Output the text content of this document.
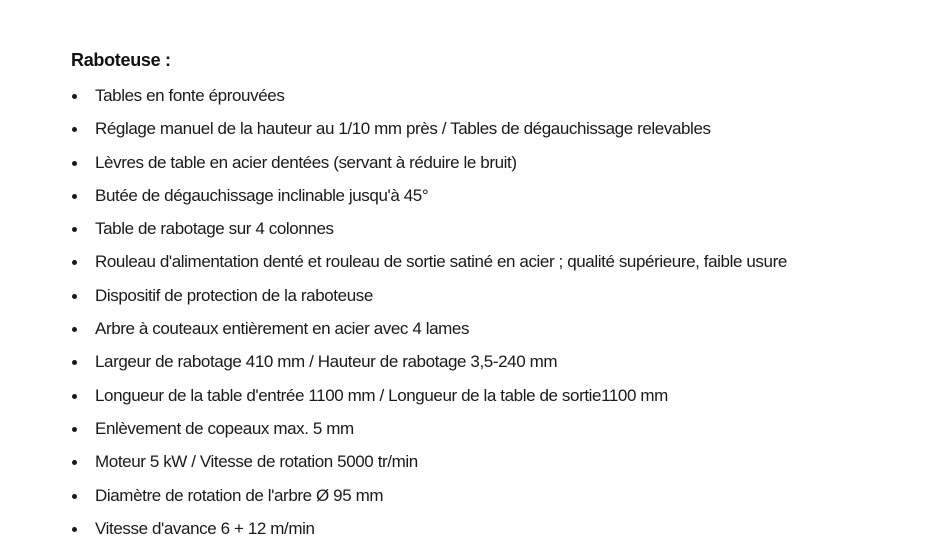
Raboteuse :
Tables en fonte éprouvées
Réglage manuel de la hauteur au 1/10 mm près / Tables de dégauchissage relevables
Lèvres de table en acier dentées (servant à réduire le bruit)
Butée de dégauchissage inclinable jusqu'à 45°
Table de rabotage sur 4 colonnes
Rouleau d'alimentation denté et rouleau de sortie satiné en acier ; qualité supérieure, faible usure
Dispositif de protection de la raboteuse
Arbre à couteaux entièrement en acier avec 4 lames
Largeur de rabotage 410 mm / Hauteur de rabotage 3,5-240 mm
Longueur de la table d'entrée 1100 mm / Longueur de la table de sortie1100 mm
Enlèvement de copeaux max. 5 mm
Moteur 5 kW / Vitesse de rotation 5000 tr/min
Diamètre de rotation de l'arbre Ø 95 mm
Vitesse d'avance 6 + 12 m/min
